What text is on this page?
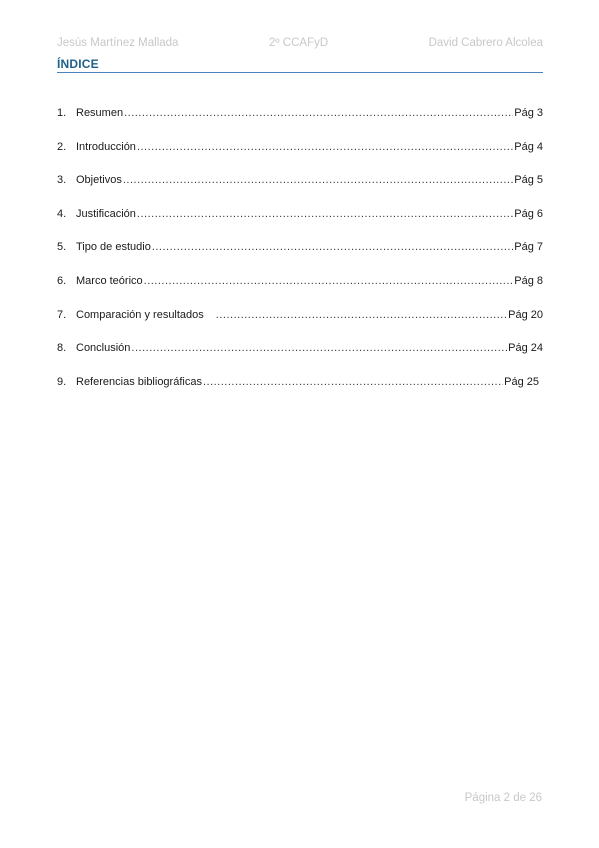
Jesús Martínez Mallada	2º CCAFyD	David Cabrero Alcolea
ÍNDICE
1. Resumen .....	Pág 3
2. Introducción .....	Pág 4
3. Objetivos .....	Pág 5
4. Justificación .....	Pág 6
5. Tipo de estudio .....	Pág 7
6. Marco teórico .....	Pág 8
7. Comparación y resultados .....	Pág 20
8. Conclusión .....	Pág 24
9. Referencias bibliográficas .....	Pág 25
Página 2 de 26
